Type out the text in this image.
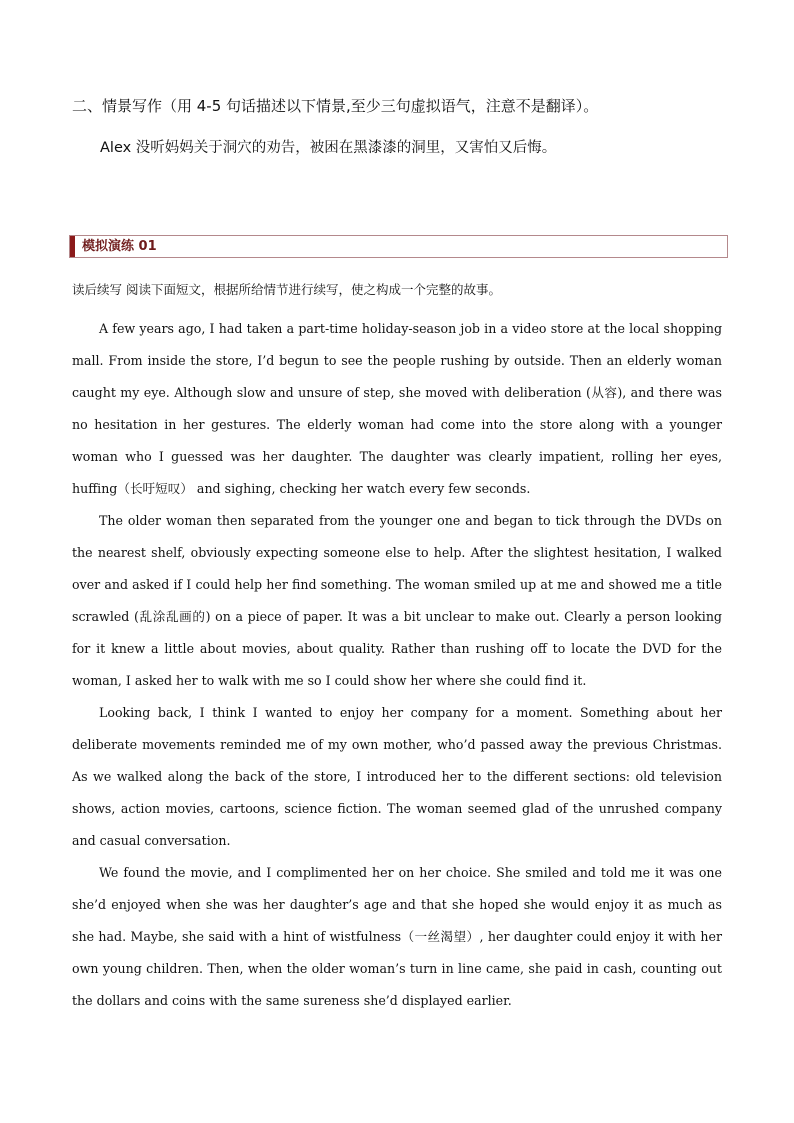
二、情景写作（用 4-5 句话描述以下情景,至少三句虚拟语气，注意不是翻译）。

Alex 没听妈妈关于洞穴的劝告，被困在黑漆漆的洞里，又害怕又后悔。

模拟演练 01

读后续写 阅读下面短文，根据所给情节进行续写，使之构成一个完整的故事。

A few years ago, I had taken a part-time holiday-season job in a video store at the local shopping mall. From inside the store, I’d begun to see the people rushing by outside. Then an elderly woman caught my eye. Although slow and unsure of step, she moved with deliberation (从容), and there was no hesitation in her gestures. The elderly woman had come into the store along with a younger woman who I guessed was her daughter. The daughter was clearly impatient, rolling her eyes, huffing（长吁短叹） and sighing, checking her watch every few seconds.

The older woman then separated from the younger one and began to tick through the DVDs on the nearest shelf, obviously expecting someone else to help. After the slightest hesitation, I walked over and asked if I could help her find something. The woman smiled up at me and showed me a title scrawled (乱涂乱画的) on a piece of paper. It was a bit unclear to make out. Clearly a person looking for it knew a little about movies, about quality. Rather than rushing off to locate the DVD for the woman, I asked her to walk with me so I could show her where she could find it.

Looking back, I think I wanted to enjoy her company for a moment. Something about her deliberate movements reminded me of my own mother, who’d passed away the previous Christmas. As we walked along the back of the store, I introduced her to the different sections: old television shows, action movies, cartoons, science fiction. The woman seemed glad of the unrushed company and casual conversation.

We found the movie, and I complimented her on her choice. She smiled and told me it was one she’d enjoyed when she was her daughter’s age and that she hoped she would enjoy it as much as she had. Maybe, she said with a hint of wistfulness（一丝渴望）, her daughter could enjoy it with her own young children. Then, when the older woman’s turn in line came, she paid in cash, counting out the dollars and coins with the same sureness she’d displayed earlier.
